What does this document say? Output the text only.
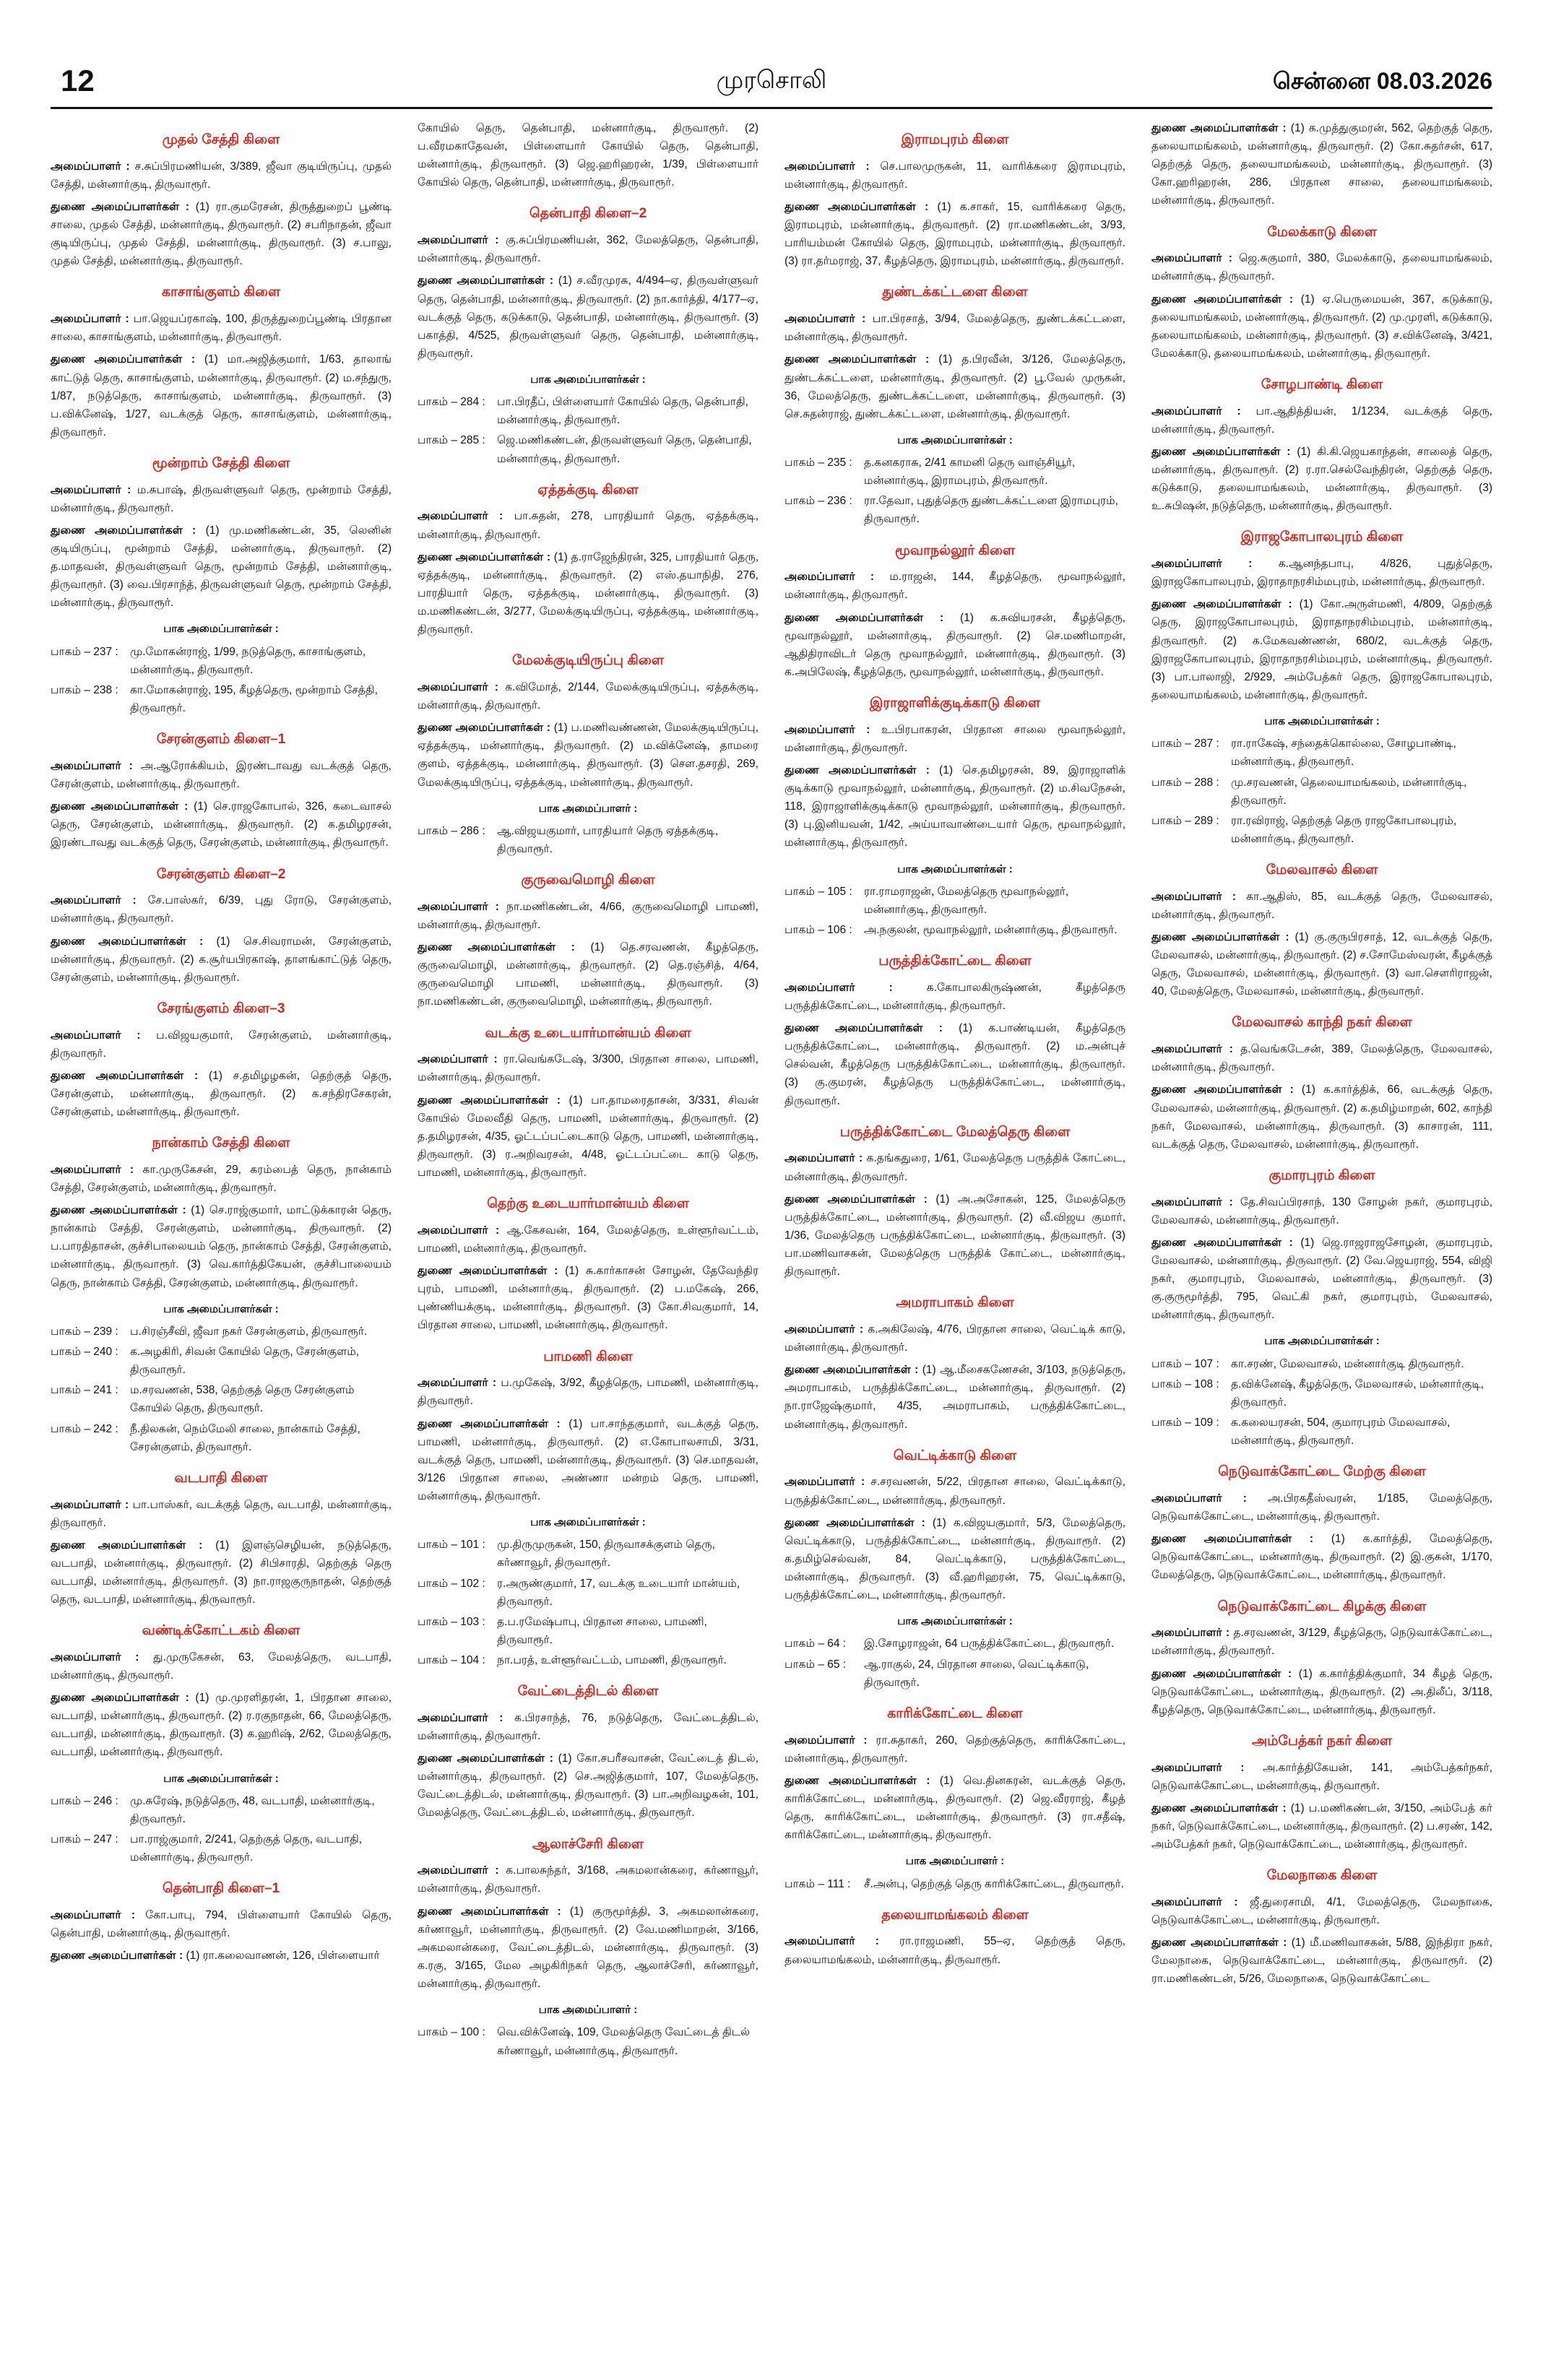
12	முரசொலி	சென்னை 08.03.2026
முதல் சேத்தி கிளை

அமைப்பாளர் : ச.சுப்பிரமணியன், 3/389, ஜீவா குடியிருப்பு, முதல் சேத்தி, மன்னார்குடி, திருவாரூர்.

துணை அமைப்பாளர்கள் : (1) ரா.குமரேசன், திருத்துறைப் பூண்டி சாலை, முதல் சேத்தி, மன்னார்குடி, திருவாரூர். (2) சபரிநாதன், ஜீவா குடியிருப்பு, முதல் சேத்தி, மன்னார்குடி, திருவாரூர். (3) ச.பாலு, முதல் சேத்தி, மன்னார்குடி, திருவாரூர்.

காசாங்குளம் கிளை

அமைப்பாளர் : பா.ஜெயப்ரகாஷ், 100, திருத்துறைப்பூண்டி பிரதான சாலை, காசாங்குளம், மன்னார்குடி, திருவாரூர்.

துணை அமைப்பாளர்கள் : (1) மா.அஜித்குமார், 1/63, தாலாங் காட்டுத் தெரு, காசாங்குளம், மன்னார்குடி, திருவாரூர். (2) ம.சந்துரு, 1/87, நடுத்தெரு, காசாங்குளம், மன்னார்குடி, திருவாரூர். (3) ப.விக்னேஷ், 1/27, வடக்குத் தெரு, காசாங்குளம், மன்னார்குடி, திருவாரூர்.

மூன்றாம் சேத்தி கிளை

அமைப்பாளர் : ம.சுபாஷ், திருவள்ளுவர் தெரு, மூன்றாம் சேத்தி, மன்னார்குடி, திருவாரூர்.

துணை அமைப்பாளர்கள் : (1) மு.மணிகண்டன், 35, லெனின் குடியிருப்பு, மூன்றாம் சேத்தி, மன்னார்குடி, திருவாரூர். (2) த.மாதவன், திருவள்ளுவர் தெரு, மூன்றாம் சேத்தி, மன்னார்குடி, திருவாரூர். (3) வை.பிரசாந்த், திருவள்ளுவர் தெரு, மூன்றாம் சேத்தி, மன்னார்குடி, திருவாரூர்.

பாக அமைப்பாளர்கள் :
பாகம் – 237 :	மு.மோகன்ராஜ், 1/99, நடுத்தெரு, காசாங்குளம், மன்னார்குடி, திருவாரூர்.
பாகம் – 238 :	கா.மோகன்ராஜ், 195, கீழத்தெரு, மூன்றாம் சேத்தி, திருவாரூர்.
சேரன்குளம் கிளை–1

அமைப்பாளர் : அ.ஆரோக்கியம், இரண்டாவது வடக்குத் தெரு, சேரன்குளம், மன்னார்குடி, திருவாரூர்.

துணை அமைப்பாளர்கள் : (1) செ.ராஜகோபால், 326, கடைவாசல் தெரு, சேரன்குளம், மன்னார்குடி, திருவாரூர். (2) க.தமிழரசன், இரண்டாவது வடக்குத் தெரு, சேரன்குளம், மன்னார்குடி, திருவாரூர்.

சேரன்குளம் கிளை–2

அமைப்பாளர் : சே.பாஸ்கர், 6/39, புது ரோடு, சேரன்குளம், மன்னார்குடி, திருவாரூர்.

துணை அமைப்பாளர்கள் : (1) செ.சிவராமன், சேரன்குளம், மன்னார்குடி, திருவாரூர். (2) க.சூர்யபிரகாஷ், தாளங்காட்டுத் தெரு, சேரன்குளம், மன்னார்குடி, திருவாரூர்.

சேரங்குளம் கிளை–3

அமைப்பாளர் : ப.விஜயகுமார், சேரன்குளம், மன்னார்குடி, திருவாரூர்.

துணை அமைப்பாளர்கள் : (1) ச.தமிழழகன், தெற்குத் தெரு, சேரன்குளம், மன்னார்குடி, திருவாரூர். (2) க.சந்திரசேகரன், சேரன்குளம், மன்னார்குடி, திருவாரூர்.

நான்காம் சேத்தி கிளை

அமைப்பாளர் : கா.முருகேசன், 29, கரம்பைத் தெரு, நான்காம் சேத்தி, சேரன்குளம், மன்னார்குடி, திருவாரூர்.

துணை அமைப்பாளர்கள் : (1) செ.ராஜ்குமார், மாட்டுக்காரன் தெரு, நான்காம் சேத்தி, சேரன்குளம், மன்னார்குடி, திருவாரூர். (2) ப.பாரதிதாசன், குச்சிபாலையம் தெரு, நான்காம் சேத்தி, சேரன்குளம், மன்னார்குடி, திருவாரூர். (3) வெ.கார்த்திகேயன், குச்சிபாலையம் தெரு, நான்காம் சேத்தி, சேரன்குளம், மன்னார்குடி, திருவாரூர்.

பாக அமைப்பாளர்கள் :
பாகம் – 239 :	ப.சிரஞ்சீவி, ஜீவா நகர் சேரன்குளம், திருவாரூர்.
பாகம் – 240 :	க.அழகிரி, சிவன் கோயில் தெரு, சேரன்குளம், திருவாரூர்.
பாகம் – 241 :	ம.சரவணன், 538, தெற்குத் தெரு சேரன்குளம் கோயில் தெரு, திருவாரூர்.
பாகம் – 242 :	நீ.திலகன், நெம்மேலி சாலை, நான்காம் சேத்தி, சேரன்குளம், திருவாரூர்.
வடபாதி கிளை

அமைப்பாளர் : பா.பாஸ்கர், வடக்குத் தெரு, வடபாதி, மன்னார்குடி, திருவாரூர்.

துணை அமைப்பாளர்கள் : (1) இளஞ்செழியன், நடுத்தெரு, வடபாதி, மன்னார்குடி, திருவாரூர். (2) சிபிசாரதி, தெற்குத் தெரு வடபாதி, மன்னார்குடி, திருவாரூர். (3) நா.ராஜகுருநாதன், தெற்குத் தெரு, வடபாதி, மன்னார்குடி, திருவாரூர்.

வண்டிக்கோட்டகம் கிளை

அமைப்பாளர் : து.முருகேசன், 63, மேலத்தெரு, வடபாதி, மன்னார்குடி, திருவாரூர்.

துணை அமைப்பாளர்கள் : (1) மு.முரளிதரன், 1, பிரதான சாலை, வடபாதி, மன்னார்குடி, திருவாரூர். (2) ர.ரகுநாதன், 66, மேலத்தெரு, வடபாதி, மன்னார்குடி, திருவாரூர். (3) க.ஹரிஷ், 2/62, மேலத்தெரு, வடபாதி, மன்னார்குடி, திருவாரூர்.

பாக அமைப்பாளர்கள் :
பாகம் – 246 :	மு.சுரேஷ், நடுத்தெரு, 48, வடபாதி, மன்னார்குடி, திருவாரூர்.
பாகம் – 247 :	பா.ராஜ்குமார், 2/241, தெற்குத் தெரு, வடபாதி, மன்னார்குடி, திருவாரூர்.
தென்பாதி கிளை–1

அமைப்பாளர் : கோ.பாபு, 794, பிள்ளையார் கோயில் தெரு, தென்பாதி, மன்னார்குடி, திருவாரூர்.

துணை அமைப்பாளர்கள் : (1) ரா.கலைவாணன், 126, பிள்ளையார்

கோயில் தெரு, தென்பாதி, மன்னார்குடி, திருவாரூர். (2) ப.வீரமகாதேவன், பிள்ளையார் கோயில் தெரு, தென்பாதி, மன்னார்குடி, திருவாரூர். (3) ஜெ.ஹரிஹரன், 1/39, பிள்ளையார் கோயில் தெரு, தென்பாதி, மன்னார்குடி, திருவாரூர்.

தென்பாதி கிளை–2

அமைப்பாளர் : கு.சுப்பிரமணியன், 362, மேலத்தெரு, தென்பாதி, மன்னார்குடி, திருவாரூர்.

துணை அமைப்பாளர்கள் : (1) ச.வீரமுரசு, 4/494–ஏ, திருவள்ளுவர் தெரு, தென்பாதி, மன்னார்குடி, திருவாரூர். (2) நா.கார்த்தி, 4/177–ஏ, வடக்குத் தெரு, கடுக்காடு, தென்பாதி, மன்னார்குடி, திருவாரூர். (3) பகாத்தி, 4/525, திருவள்ளுவர் தெரு, தென்பாதி, மன்னார்குடி, திருவாரூர்.

பாக அமைப்பாளர்கள் :
பாகம் – 284 :	பா.பிரதீப், பிள்ளையார் கோயில் தெரு, தென்பாதி, மன்னார்குடி, திருவாரூர்.
பாகம் – 285 :	ஜெ.மணிகண்டன், திருவள்ளுவர் தெரு, தென்பாதி, மன்னார்குடி, திருவாரூர்.
ஏத்தக்குடி கிளை

அமைப்பாளர் : பா.சுதன், 278, பாரதியார் தெரு, ஏத்தக்குடி, மன்னார்குடி, திருவாரூர்.

துணை அமைப்பாளர்கள் : (1) த.ராஜேந்திரன், 325, பாரதியார் தெரு, ஏத்தக்குடி, மன்னார்குடி, திருவாரூர். (2) எஸ்.தயாநிதி, 276, பாரதியார் தெரு, ஏத்தக்குடி, மன்னார்குடி, திருவாரூர். (3) ம.மணிகண்டன், 3/277, மேலக்குடியிருப்பு, ஏத்தக்குடி, மன்னார்குடி, திருவாரூர்.

மேலக்குடியிருப்பு கிளை

அமைப்பாளர் : க.விமோத், 2/144, மேலக்குடியிருப்பு, ஏத்தக்குடி, மன்னார்குடி, திருவாரூர்.

துணை அமைப்பாளர்கள் : (1) ப.மணிவண்ணன், மேலக்குடியிருப்பு, ஏத்தக்குடி, மன்னார்குடி, திருவாரூர். (2) ம.விக்னேஷ், தாமரை குளம், ஏத்தக்குடி, மன்னார்குடி, திருவாரூர். (3) செள.தசரதி, 269, மேலக்குடியிருப்பு, ஏத்தக்குடி, மன்னார்குடி, திருவாரூர்.

பாக அமைப்பாளர் :
பாகம் – 286 :	ஆ.விஜயகுமார், பாரதியார் தெரு ஏத்தக்குடி, திருவாரூர்.
குருவைமொழி கிளை

அமைப்பாளர் : நா.மணிகண்டன், 4/66, குருவைமொழி பாமணி, மன்னார்குடி, திருவாரூர்.

துணை அமைப்பாளர்கள் : (1) தெ.சரவணன், கீழத்தெரு, குருவைமொழி, மன்னார்குடி, திருவாரூர். (2) தெ.ரஞ்சித், 4/64, குருவைமொழி பாமணி, மன்னார்குடி, திருவாரூர். (3) நா.மணிகண்டன், குருவைமொழி, மன்னார்குடி, திருவாரூர்.

வடக்கு உடையார்மான்யம் கிளை

அமைப்பாளர் : ரா.வெங்கடேஷ், 3/300, பிரதான சாலை, பாமணி, மன்னார்குடி, திருவாரூர்.

துணை அமைப்பாளர்கள் : (1) பா.தாமரைதாசன், 3/331, சிவன் கோயில் மேலவீதி தெரு, பாமணி, மன்னார்குடி, திருவாரூர். (2) த.தமிழரசன், 4/35, ஓட்டப்பட்டைகாடு தெரு, பாமணி, மன்னார்குடி, திருவாரூர். (3) ர.அறிவரசன், 4/48, ஓட்டப்பட்டை காடு தெரு, பாமணி, மன்னார்குடி, திருவாரூர்.

தெற்கு உடையார்மான்யம் கிளை

அமைப்பாளர் : ஆ.கேசவன், 164, மேலத்தெரு, உள்ளூர்வட்டம், பாமணி, மன்னார்குடி, திருவாரூர்.

துணை அமைப்பாளர்கள் : (1) சு.கார்காசன் சோழன், தேவேந்திர புரம், பாமணி, மன்னார்குடி, திருவாரூர். (2) ப.மகேஷ், 266, புண்ணியக்குடி, மன்னார்குடி, திருவாரூர். (3) கோ.சிவகுமார், 14, பிரதான சாலை, பாமணி, மன்னார்குடி, திருவாரூர்.

பாமணி கிளை

அமைப்பாளர் : ப.முகேஷ், 3/92, கீழத்தெரு, பாமணி, மன்னார்குடி, திருவாரூர்.

துணை அமைப்பாளர்கள் : (1) பா.சாந்தகுமார், வடக்குத் தெரு, பாமணி, மன்னார்குடி, திருவாரூர். (2) எ.கோபாலசாமி, 3/31, வடக்குத் தெரு, பாமணி, மன்னார்குடி, திருவாரூர். (3) செ.மாதவன், 3/126 பிரதான சாலை, அண்ணா மன்றம் தெரு, பாமணி, மன்னார்குடி, திருவாரூர்.

பாக அமைப்பாளர்கள் :
பாகம் – 101 :	மு.திருமுருகன், 150, திருவாசக்குளம் தெரு, கர்ணாவூர், திருவாரூர்.
பாகம் – 102 :	ர.அருண்குமார், 17, வடக்கு உடையார் மான்யம், திருவாரூர்.
பாகம் – 103 :	த.ப.ரமேஷ்பாபு, பிரதான சாலை, பாமணி, திருவாரூர்.
பாகம் – 104 :	நா.பரத், உள்ளூர்வட்டம், பாமணி, திருவாரூர்.
வேட்டைத்திடல் கிளை

அமைப்பாளர் : க.பிரசாந்த், 76, நடுத்தெரு, வேட்டைத்திடல், மன்னார்குடி, திருவாரூர்.

துணை அமைப்பாளர்கள் : (1) கோ.சபரீசவாசன், வேட்டைத் திடல், மன்னார்குடி, திருவாரூர். (2) செ.அஜித்குமார், 107, மேலத்தெரு, வேட்டைத்திடல், மன்னார்குடி, திருவாரூர். (3) பா.அறிவழகன், 101, மேலத்தெரு, வேட்டைத்திடல், மன்னார்குடி, திருவாரூர்.

ஆலாச்சேரி கிளை

அமைப்பாளர் : க.பாலசுந்தர், 3/168, அகமலான்கரை, கர்ணாவூர், மன்னார்குடி, திருவாரூர்.

துணை அமைப்பாளர்கள் : (1) குருமூர்த்தி, 3, அகமலான்கரை, கர்ணாவூர், மன்னார்குடி, திருவாரூர். (2) வே.மணிமாறன், 3/166, அகமலான்கரை, வேட்டைத்திடல், மன்னார்குடி, திருவாரூர். (3) க.ரகு, 3/165, மேல அழகிரிநகர் தெரு, ஆலாச்சேரி, கர்ணாவூர், மன்னார்குடி, திருவாரூர்.

பாக அமைப்பாளர் :
பாகம் – 100 :	வெ.விக்னேஷ், 109, மேலத்தெரு வேட்டைத் திடல் கர்ணாவூர், மன்னார்குடி, திருவாரூர்.
இராமபுரம் கிளை

அமைப்பாளர் : செ.பாலமுருகன், 11, வாரிக்கரை இராமபுரம், மன்னார்குடி, திருவாரூர்.

துணை அமைப்பாளர்கள் : (1) க.சாகர், 15, வாரிக்கரை தெரு, இராமபுரம், மன்னார்குடி, திருவாரூர். (2) ரா.மணிகண்டன், 3/93, பாரியம்மன் கோயில் தெரு, இராமபுரம், மன்னார்குடி, திருவாரூர். (3) ரா.தர்மராஜ், 37, கீழத்தெரு, இராமபுரம், மன்னார்குடி, திருவாரூர்.

துண்டக்கட்டளை கிளை

அமைப்பாளர் : பா.பிரசாத், 3/94, மேலத்தெரு, துண்டக்கட்டளை, மன்னார்குடி, திருவாரூர்.

துணை அமைப்பாளர்கள் : (1) த.பிரவீன், 3/126, மேலத்தெரு, துண்டக்கட்டளை, மன்னார்குடி, திருவாரூர். (2) பூ.வேல் முருகன், 36, மேலத்தெரு, துண்டக்கட்டளை, மன்னார்குடி, திருவாரூர். (3) செ.சுதன்ராஜ், துண்டக்கட்டளை, மன்னார்குடி, திருவாரூர்.

பாக அமைப்பாளர்கள் :
பாகம் – 235 :	த.கனகராசு, 2/41 காமனி தெரு வாஞ்சியூர், மன்னார்குடி, இராமபுரம், திருவாரூர்.
பாகம் – 236 :	ரா.தேவா, புதுத்தெரு துண்டக்கட்டளை இராமபுரம், திருவாரூர்.
மூவாநல்லூர் கிளை

அமைப்பாளர் : ம.ராஜன், 144, கீழத்தெரு, மூவாநல்லூர், மன்னார்குடி, திருவாரூர்.

துணை அமைப்பாளர்கள் : (1) க.சுவியரசன், கீழத்தெரு, மூவாநல்லூர், மன்னார்குடி, திருவாரூர். (2) செ.மணிமாறன், ஆதிதிராவிடர் தெரு மூவாநல்லூர், மன்னார்குடி, திருவாரூர். (3) க.அபிலேஷ், கீழத்தெரு, மூவாநல்லூர், மன்னார்குடி, திருவாரூர்.

இராஜாளிக்குடிக்காடு கிளை

அமைப்பாளர் : உ.பிரபாகரன், பிரதான சாலை மூவாநல்லூர், மன்னார்குடி, திருவாரூர்.

துணை அமைப்பாளர்கள் : (1) செ.தமிழரசன், 89, இராஜாளிக் குடிக்காடு மூவாநல்லூர், மன்னார்குடி, திருவாரூர். (2) ம.சிவநேசன், 118, இராஜாளிக்குடிக்காடு மூவாநல்லூர், மன்னார்குடி, திருவாரூர். (3) பு.இனியவன், 1/42, அய்யாவாண்டையார் தெரு, மூவாநல்லூர், மன்னார்குடி, திருவாரூர்.

பாக அமைப்பாளர்கள் :
பாகம் – 105 :	ரா.ராமராஜன், மேலத்தெரு மூவாநல்லூர், மன்னார்குடி, திருவாரூர்.
பாகம் – 106 :	அ.நகுலன், மூவாநல்லூர், மன்னார்குடி, திருவாரூர்.
பருத்திக்கோட்டை கிளை

அமைப்பாளர் :	க.கோபாலகிருஷ்ணன், கீழத்தெரு பருத்திக்கோட்டை, மன்னார்குடி, திருவாரூர்.

துணை அமைப்பாளர்கள் : (1) க.பாண்டியன், கீழத்தெரு பருத்திக்கோட்டை, மன்னார்குடி, திருவாரூர். (2) ம.அன்புச் செல்வன், கீழத்தெரு பருத்திக்கோட்டை, மன்னார்குடி, திருவாரூர். (3) கு.குமரன், கீழத்தெரு பருத்திக்கோட்டை, மன்னார்குடி, திருவாரூர்.

பருத்திக்கோட்டை மேலத்தெரு கிளை

அமைப்பாளர் : க.தங்கதுரை, 1/61, மேலத்தெரு பருத்திக் கோட்டை, மன்னார்குடி, திருவாரூர்.

துணை அமைப்பாளர்கள் : (1) அ.அசோகன், 125, மேலத்தெரு பருத்திக்கோட்டை, மன்னார்குடி, திருவாரூர். (2) வீ.விஜய குமார், 1/36, மேலத்தெரு பருத்திக்கோட்டை, மன்னார்குடி, திருவாரூர். (3) பா.மணிவாசகன், மேலத்தெரு பருத்திக் கோட்டை, மன்னார்குடி, திருவாரூர்.

அமராபாகம் கிளை

அமைப்பாளர் : க.அகிலேஷ், 4/76, பிரதான சாலை, வெட்டிக் காடு, மன்னார்குடி, திருவாரூர்.

துணை அமைப்பாளர்கள் : (1) ஆ.மீசைகணேசன், 3/103, நடுத்தெரு, அமராபாகம், பருத்திக்கோட்டை, மன்னார்குடி, திருவாரூர். (2) நா.ராஜேஷ்குமார், 4/35, அமராபாகம், பருத்திக்கோட்டை, மன்னார்குடி, திருவாரூர்.

வெட்டிக்காடு கிளை

அமைப்பாளர் : ச.சரவணன், 5/22, பிரதான சாலை, வெட்டிக்காடு, பருத்திக்கோட்டை, மன்னார்குடி, திருவாரூர்.

துணை அமைப்பாளர்கள் : (1) க.விஜயகுமார், 5/3, மேலத்தெரு, வெட்டிக்காடு, பருத்திக்கோட்டை, மன்னார்குடி, திருவாரூர். (2) க.தமிழ்செல்வன், 84, வெட்டிக்காடு, பருத்திக்கோட்டை, மன்னார்குடி, திருவாரூர். (3) வீ.ஹரிஹரன், 75, வெட்டிக்காடு, பருத்திக்கோட்டை, மன்னார்குடி, திருவாரூர்.

பாக அமைப்பாளர்கள் :
பாகம் – 64 :	இ.சோழராஜன், 64 பருத்திக்கோட்டை, திருவாரூர்.
பாகம் – 65 :	ஆ.ராகுல், 24, பிரதான சாலை, வெட்டிக்காடு, திருவாரூர்.
காரிக்கோட்டை கிளை

அமைப்பாளர் : ரா.சுதாகர், 260, தெற்குத்தெரு, காரிக்கோட்டை, மன்னார்குடி, திருவாரூர்.

துணை அமைப்பாளர்கள் : (1) வெ.தினகரன், வடக்குத் தெரு, காரிக்கோட்டை, மன்னார்குடி, திருவாரூர். (2) ஜெ.வீரராஜ், கீழத் தெரு, காரிக்கோட்டை, மன்னார்குடி, திருவாரூர். (3) ரா.சதீஷ், காரிக்கோட்டை, மன்னார்குடி, திருவாரூர்.

பாக அமைப்பாளர் :
பாகம் – 111 :	சீ.அன்பு, தெற்குத் தெரு காரிக்கோட்டை, திருவாரூர்.
தலையாமங்கலம் கிளை

அமைப்பாளர் : ரா.ராஜமணி, 55–ஏ, தெற்குத் தெரு, தலையாமங்கலம், மன்னார்குடி, திருவாரூர்.

துணை அமைப்பாளர்கள் : (1) க.முத்துகுமரன், 562, தெற்குத் தெரு, தலையாமங்கலம், மன்னார்குடி, திருவாரூர். (2) கோ.சுதர்சன், 617, தெற்குத் தெரு, தலையாமங்கலம், மன்னார்குடி, திருவாரூர். (3) கோ.ஹரிஹரன், 286, பிரதான சாலை, தலையாமங்கலம், மன்னார்குடி, திருவாரூர்.

மேலக்காடு கிளை

அமைப்பாளர் : ஜெ.சுகுமார், 380, மேலக்காடு, தலையாமங்கலம், மன்னார்குடி, திருவாரூர்.

துணை அமைப்பாளர்கள் : (1) ஏ.பெருமையன், 367, கடுக்காடு, தலையாமங்கலம், மன்னார்குடி, திருவாரூர். (2) மு.முரளி, கடுக்காடு, தலையாமங்கலம், மன்னார்குடி, திருவாரூர். (3) ச.விக்னேஷ், 3/421, மேலக்காடு, தலையாமங்கலம், மன்னார்குடி, திருவாரூர்.

சோழபாண்டி கிளை

அமைப்பாளர் : பா.ஆதித்தியன், 1/1234, வடக்குத் தெரு, மன்னார்குடி, திருவாரூர்.

துணை அமைப்பாளர்கள் : (1) கி.கி.ஜெயகாந்தன், சாலைத் தெரு, மன்னார்குடி, திருவாரூர். (2) ர.ரா.செல்வேந்திரன், தெற்குத் தெரு, கடுக்காடு, தலையாமங்கலம், மன்னார்குடி, திருவாரூர். (3) உ.சுபிஷன், நடுத்தெரு, மன்னார்குடி, திருவாரூர்.

இராஜகோபாலபுரம் கிளை

அமைப்பாளர் : க.ஆனந்தபாபு, 4/826, புதுத்தெரு, இராஜகோபாலபுரம், இராதாநரசிம்மபுரம், மன்னார்குடி, திருவாரூர்.

துணை அமைப்பாளர்கள் : (1) கோ.அருள்மணி, 4/809, தெற்குத் தெரு, இராஜகோபாலபுரம், இராதாநரசிம்மபுரம், மன்னார்குடி, திருவாரூர். (2) க.மேகவண்ணன், 680/2, வடக்குத் தெரு, இராஜகோபாலபுரம், இராதாநரசிம்மபுரம், மன்னார்குடி, திருவாரூர். (3) பா.பாலாஜி, 2/929, அம்பேத்கர் தெரு, இராஜகோபாலபுரம், தலையாமங்கலம், மன்னார்குடி, திருவாரூர்.

பாக அமைப்பாளர்கள் :
பாகம் – 287 :	ரா.ராகேஷ், சந்தைக்கொல்லை, சோழபாண்டி, மன்னார்குடி, திருவாரூர்.
பாகம் – 288 :	மு.சரவணன், தெலையாமங்கலம், மன்னார்குடி, திருவாரூர்.
பாகம் – 289 :	ரா.ரவிராஜ், தெற்குத் தெரு ராஜகோபாலபுரம், மன்னார்குடி, திருவாரூர்.
மேலவாசல் கிளை

அமைப்பாளர் : கா.ஆதிஸ், 85, வடக்குத் தெரு, மேலவாசல், மன்னார்குடி, திருவாரூர்.

துணை அமைப்பாளர்கள் : (1) கு.குருபிரசாத், 12, வடக்குத் தெரு, மேலவாசல், மன்னார்குடி, திருவாரூர். (2) ச.சோமேஸ்வரன், கீழக்குத் தெரு, மேலவாசல், மன்னார்குடி, திருவாரூர். (3) வா.சௌரிராஜன், 40, மேலத்தெரு, மேலவாசல், மன்னார்குடி, திருவாரூர்.

மேலவாசல் காந்தி நகர் கிளை

அமைப்பாளர் : த.வெங்கடேசன், 389, மேலத்தெரு, மேலவாசல், மன்னார்குடி, திருவாரூர்.

துணை அமைப்பாளர்கள் : (1) க.கார்த்திக், 66, வடக்குத் தெரு, மேலவாசல், மன்னார்குடி, திருவாரூர். (2) க.தமிழ்மாறன், 602, காந்தி நகர், மேலவாசல், மன்னார்குடி, திருவாரூர். (3) காசாரன், 111, வடக்குத் தெரு, மேலவாசல், மன்னார்குடி, திருவாரூர்.

குமாரபுரம் கிளை

அமைப்பாளர் : தே.சிவப்பிரசாந், 130 சோழன் நகர், குமாரபுரம், மேலவாசல், மன்னார்குடி, திருவாரூர்.

துணை அமைப்பாளர்கள் : (1) ஜெ.ராஜராஜசோழன், குமாரபுரம், மேலவாசல், மன்னார்குடி, திருவாரூர். (2) வே.ஜெயராஜ், 554, விஜி நகர், குமாரபுரம், மேலவாசல், மன்னார்குடி, திருவாரூர். (3) கு.குருமூர்த்தி, 795, வெட்கி நகர், குமாரபுரம், மேலவாசல், மன்னார்குடி, திருவாரூர்.

பாக அமைப்பாளர்கள் :
பாகம் – 107 :	கா.சரண், மேலவாசல், மன்னார்குடி திருவாரூர்.
பாகம் – 108 :	த.விக்னேஷ், கீழத்தெரு, மேலவாசல், மன்னார்குடி, திருவாரூர்.
பாகம் – 109 :	க.கலையரசன், 504, குமாரபுரம் மேலவாசல், மன்னார்குடி, திருவாரூர்.
நெடுவாக்கோட்டை மேற்கு கிளை

அமைப்பாளர் : அ.பிரகதீஸ்வரன், 1/185, மேலத்தெரு, நெடுவாக்கோட்டை, மன்னார்குடி, திருவாரூர்.

துணை அமைப்பாளர்கள் : (1) க.கார்த்தி, மேலத்தெரு, நெடுவாக்கோட்டை, மன்னார்குடி, திருவாரூர். (2) இ.குகன், 1/170, மேலத்தெரு, நெடுவாக்கோட்டை, மன்னார்குடி, திருவாரூர்.

நெடுவாக்கோட்டை கிழக்கு கிளை

அமைப்பாளர் : த.சரவணன், 3/129, கீழத்தெரு, நெடுவாக்கோட்டை, மன்னார்குடி, திருவாரூர்.

துணை அமைப்பாளர்கள் : (1) க.கார்த்திக்குமார், 34 கீழத் தெரு, நெடுவாக்கோட்டை, மன்னார்குடி, திருவாரூர். (2) அ.திலீப், 3/118, கீழத்தெரு, நெடுவாக்கோட்டை, மன்னார்குடி, திருவாரூர்.

அம்பேத்கர் நகர் கிளை

அமைப்பாளர் : அ.கார்த்திகேயன், 141, அம்பேத்கர்நகர், நெடுவாக்கோட்டை, மன்னார்குடி, திருவாரூர்.

துணை அமைப்பாளர்கள் : (1) ப.மணிகண்டன், 3/150, அம்பேத் கர் நகர், நெடுவாக்கோட்டை, மன்னார்குடி, திருவாரூர். (2) ப.சரண், 142, அம்பேத்கர் நகர், நெடுவாக்கோட்டை, மன்னார்குடி, திருவாரூர்.

மேலநாகை கிளை

அமைப்பாளர் : ஜீ.துரைசாமி, 4/1, மேலத்தெரு, மேலநாகை, நெடுவாக்கோட்டை, மன்னார்குடி, திருவாரூர்.

துணை அமைப்பாளர்கள் : (1) மீ.மணிவாசகன், 5/88, இந்திரா நகர், மேலநாகை, நெடுவாக்கோட்டை, மன்னார்குடி, திருவாரூர். (2) ரா.மணிகண்டன், 5/26, மேலநாகை, நெடுவாக்கோட்டை
